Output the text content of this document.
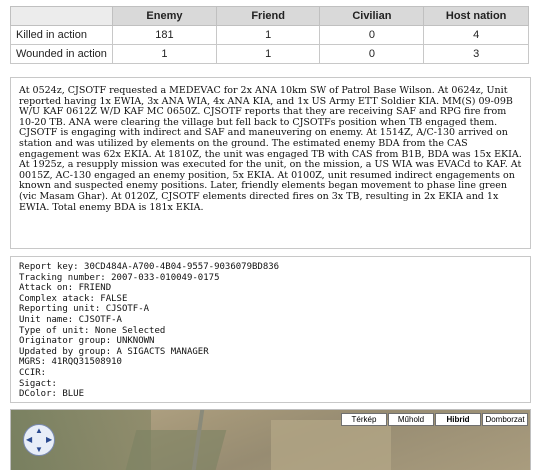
	Enemy	Friend	Civilian	Host nation
Killed in action	181	1	0	4
Wounded in action	1	1	0	3
At 0524z, CJSOTF requested a MEDEVAC for 2x ANA 10km SW of Patrol Base Wilson. At 0624z, Unit reported having 1x EWIA, 3x ANA WIA, 4x ANA KIA, and 1x US Army ETT Soldier KIA. MM(S) 09-09B W/U KAF 0612Z W/D KAF MC 0650Z. CJSOTF reports that they are receiving SAF and RPG fire from 10-20 TB. ANA were clearing the village but fell back to CJSOTFs position when TB engaged them. CJSOTF is engaging with indirect and SAF and maneuvering on enemy. At 1514Z, A/C-130 arrived on station and was utilized by elements on the ground. The estimated enemy BDA from the CAS engagement was 62x EKIA. At 1810Z, the unit was engaged TB with CAS from B1B, BDA was 15x EKIA. At 1925z, a resupply mission was executed for the unit, on the mission, a US WIA was EVACd to KAF. At 0015Z, AC-130 engaged an enemy position, 5x EKIA. At 0100Z, unit resumed indirect engagements on known and suspected enemy positions. Later, friendly elements began movement to phase line green (vic Masam Ghar). At 0120Z, CJSOTF elements directed fires on 3x TB, resulting in 2x EKIA and 1x EWIA. Total enemy BDA is 181x EKIA.
Report key: 30CD484A-A700-4B04-9557-9036079BD836
Tracking number: 2007-033-010049-0175
Attack on: FRIEND
Complex atack: FALSE
Reporting unit: CJSOTF-A
Unit name: CJSOTF-A
Type of unit: None Selected
Originator group: UNKNOWN
Updated by group: A SIGACTS MANAGER
MGRS: 41RQQ31508910
CCIR:
Sigact:
DColor: BLUE
▲
▼
◀ ▶
Térkép	Műhold	Hibrid	Domborzat
